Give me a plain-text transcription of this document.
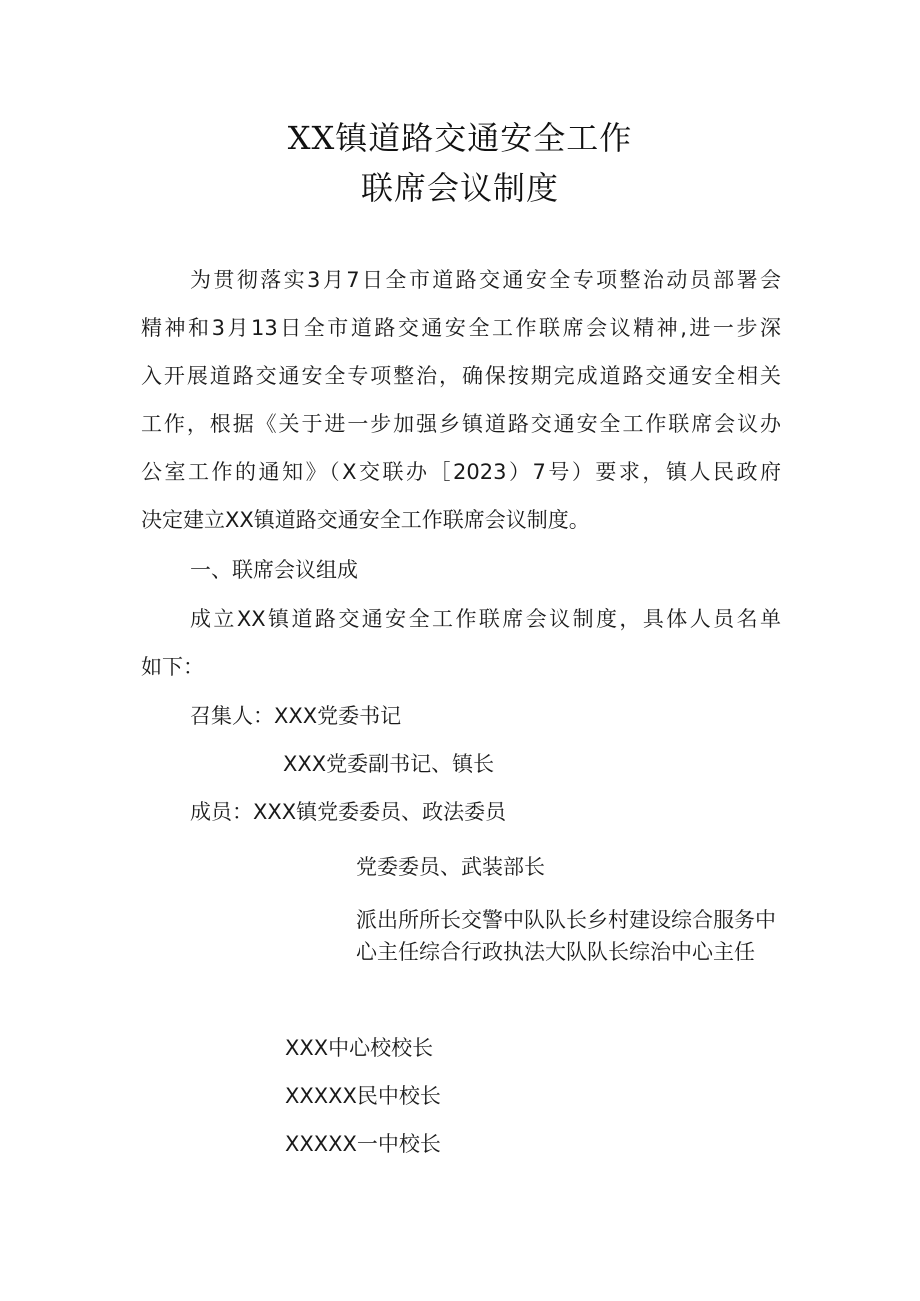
XX镇道路交通安全工作
联席会议制度
为贯彻落实3月7日全市道路交通安全专项整治动员部署会
精神和3月13日全市道路交通安全工作联席会议精神,进一步深
入开展道路交通安全专项整治，确保按期完成道路交通安全相关
工作，根据《关于进一步加强乡镇道路交通安全工作联席会议办
公室工作的通知》（X交联办［2023）7号）要求，镇人民政府
决定建立XX镇道路交通安全工作联席会议制度。
一、联席会议组成
成立XX镇道路交通安全工作联席会议制度，具体人员名单
如下：
召集人：XXX党委书记
XXX党委副书记、镇长
成员：XXX镇党委委员、政法委员
党委委员、武装部长
派出所所长交警中队队长乡村建设综合服务中心主任综合行政执法大队队长综治中心主任
XXX中心校校长
XXXXX民中校长
XXXXX一中校长
